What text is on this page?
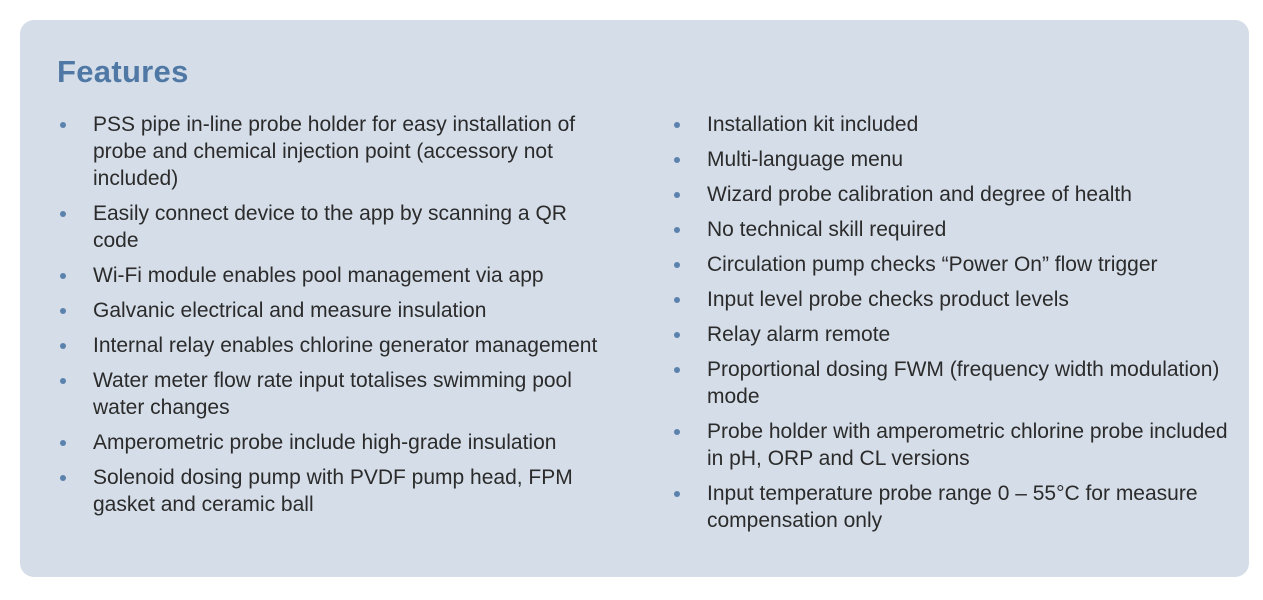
Features
PSS pipe in-line probe holder for easy installation of probe and chemical injection point (accessory not included)
Easily connect device to the app by scanning a QR code
Wi-Fi module enables pool management via app
Galvanic electrical and measure insulation
Internal relay enables chlorine generator management
Water meter flow rate input totalises swimming pool water changes
Amperometric probe include high-grade insulation
Solenoid dosing pump with PVDF pump head, FPM gasket and ceramic ball
Installation kit included
Multi-language menu
Wizard probe calibration and degree of health
No technical skill required
Circulation pump checks “Power On” flow trigger
Input level probe checks product levels
Relay alarm remote
Proportional dosing FWM (frequency width modulation) mode
Probe holder with amperometric chlorine probe included in pH, ORP and CL versions
Input temperature probe range 0 – 55°C for measure compensation only
